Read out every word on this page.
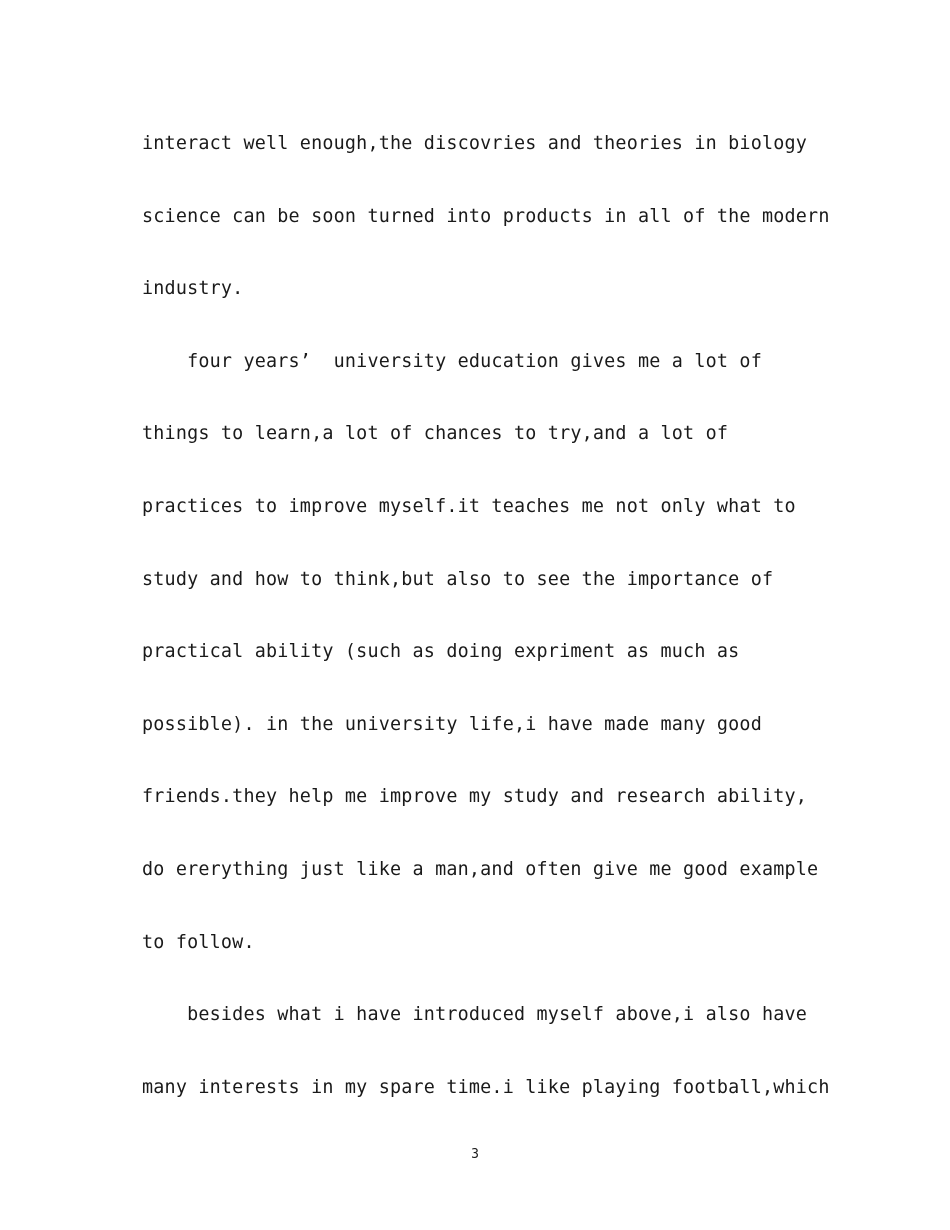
interact well enough,the discovries and theories in biology
science can be soon turned into products in all of the modern
industry.
four years’  university education gives me a lot of
things to learn,a lot of chances to try,and a lot of
practices to improve myself.it teaches me not only what to
study and how to think,but also to see the importance of
practical ability (such as doing expriment as much as
possible). in the university life,i have made many good
friends.they help me improve my study and research ability,
do ererything just like a man,and often give me good example
to follow.
besides what i have introduced myself above,i also have
many interests in my spare time.i like playing football,which
3
